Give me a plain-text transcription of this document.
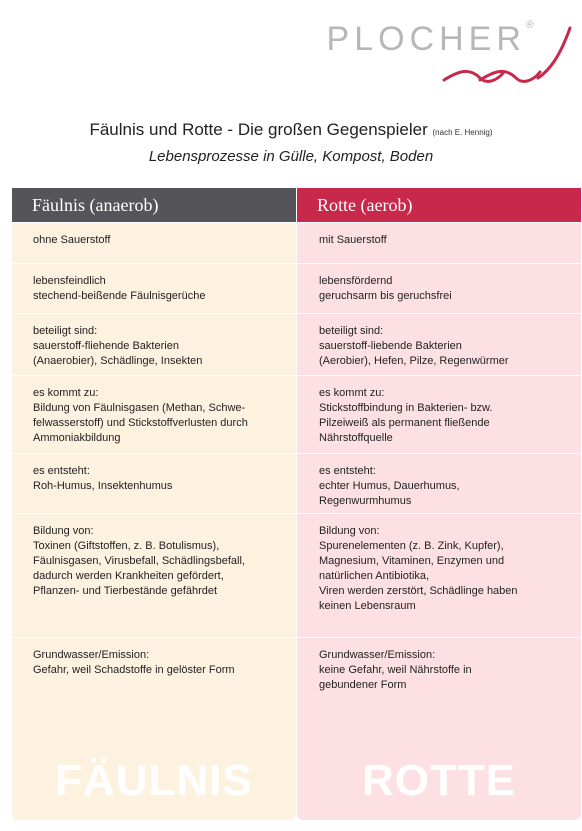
PLOCHER®
Fäulnis und Rotte - Die großen Gegenspieler (nach E. Hennig)
Lebensprozesse in Gülle, Kompost, Boden
Fäulnis (anaerob)
ohne Sauerstoff
lebensfeindlich
stechend-beißende Fäulnisgerüche
beteiligt sind:
sauerstoff-fliehende Bakterien
(Anaerobier), Schädlinge, Insekten
es kommt zu:
Bildung von Fäulnisgasen (Methan, Schwe-
felwasserstoff) und Stickstoffverlusten durch
Ammoniakbildung
es entsteht:
Roh-Humus, Insektenhumus
Bildung von:
Toxinen (Giftstoffen, z. B. Botulismus),
Fäulnisgasen, Virusbefall, Schädlingsbefall,
dadurch werden Krankheiten gefördert,
Pflanzen- und Tierbestände gefährdet
Grundwasser/Emission:
Gefahr, weil Schadstoffe in gelöster Form
FÄULNIS
Rotte (aerob)
mit Sauerstoff
lebensfördernd
geruchsarm bis geruchsfrei
beteiligt sind:
sauerstoff-liebende Bakterien
(Aerobier), Hefen, Pilze, Regenwürmer
es kommt zu:
Stickstoffbindung in Bakterien- bzw.
Pilzeiweiß als permanent fließende
Nährstoffquelle
es entsteht:
echter Humus, Dauerhumus,
Regenwurmhumus
Bildung von:
Spurenelementen (z. B. Zink, Kupfer),
Magnesium, Vitaminen, Enzymen und
natürlichen Antibiotika,
Viren werden zerstört, Schädlinge haben
keinen Lebensraum
Grundwasser/Emission:
keine Gefahr, weil Nährstoffe in
gebundener Form
ROTTE
